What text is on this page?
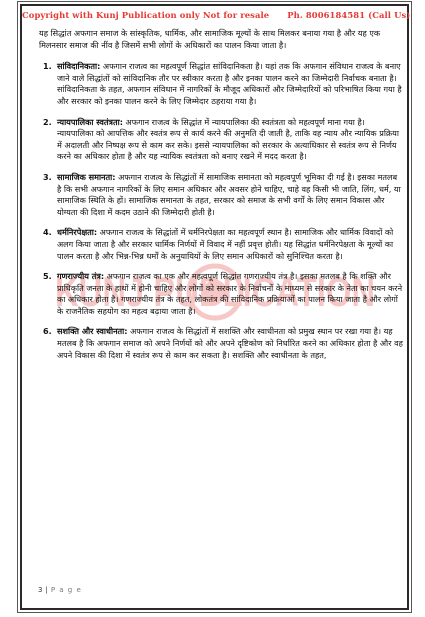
Copyright with Kunj Publication only Not for resale Ph. 8006184581 (Call Us)
KUNJ PUBLICATION

यह सिद्धांत अफगान समाज के सांस्कृतिक, धार्मिक, और सामाजिक मूल्यों के साथ मिलकर बनाया गया है और यह एक मिलनसार समाज की नींव है जिसमें सभी लोगों के अधिकारों का पालन किया जाता है।

1. सांविदानिकता: अफगान राजत्व का महत्वपूर्ण सिद्धांत सांविदानिकता है। यहां तक कि अफगान संविधान राजत्व के बनाए जाने वाले सिद्धांतों को सांविदानिक तौर पर स्वीकार करता है और इनका पालन करने का जिम्मेदारी निर्वाचक बनाता है। सांविदानिकता के तहत, अफगान संविधान में नागरिकों के मौजूद अधिकारों और जिम्मेदारियों को परिभाषित किया गया है और सरकार को इनका पालन करने के लिए जिम्मेदार ठहराया गया है।
2. न्यायपालिका स्वतंत्रता: अफगान राजत्व के सिद्धांत में न्यायपालिका की स्वतंत्रता को महत्वपूर्ण माना गया है। न्यायपालिका को आपत्तिक और स्वतंत्र रूप से कार्य करने की अनुमति दी जाती है, ताकि वह न्याय और न्यायिक प्रक्रिया में अदालती और निष्पक्ष रूप से काम कर सके। इससे न्यायपालिका को सरकार के अत्याधिकार से स्वतंत्र रूप से निर्णय करने का अधिकार होता है और यह न्यायिक स्वतंत्रता को बनाए रखने में मदद करता है।
3. सामाजिक समानता: अफगान राजत्व के सिद्धांतों में सामाजिक समानता को महत्वपूर्ण भूमिका दी गई है। इसका मतलब है कि सभी अफगान नागरिकों के लिए समान अधिकार और अवसर होने चाहिए, चाहे वह किसी भी जाति, लिंग, धर्म, या सामाजिक स्थिति के हों। सामाजिक समानता के तहत, सरकार को समाज के सभी वर्गों के लिए समान विकास और योग्यता की दिशा में कदम उठाने की जिम्मेदारी होती है।
4. धर्मनिरपेक्षता: अफगान राजत्व के सिद्धांतों में धर्मनिरपेक्षता का महत्वपूर्ण स्थान है। सामाजिक और धार्मिक विवादों को अलग किया जाता है और सरकार धार्मिक निर्णयों में विवाद में नहीं प्रवृत्त होती। यह सिद्धांत धर्मनिरपेक्षता के मूल्यों का पालन करता है और भिन्न-भिन्न धर्मों के अनुयायियों के लिए समान अधिकारों को सुनिश्चित करता है।
5. गणराज्यीय तंत्र: अफगान राजत्व का एक और महत्वपूर्ण सिद्धांत गणराज्यीय तंत्र है। इसका मतलब है कि शक्ति और प्राधिकृति जनता के हाथों में होनी चाहिए और लोगों को सरकार के निर्वाचनों के माध्यम से सरकार के नेता का चयन करने का अधिकार होता है। गणराज्यीय तंत्र के तहत, लोकतंत्र की सांविदानिक प्रक्रियाओं का पालन किया जाता है और लोगों के राजनैतिक सहयोग का महत्व बढ़ाया जाता है।
6. सशक्ति और स्वाधीनता: अफगान राजत्व के सिद्धांतों में सशक्ति और स्वाधीनता को प्रमुख स्थान पर रखा गया है। यह मतलब है कि अफगान समाज को अपने निर्णयों को और अपने दृष्टिकोण को निर्धारित करने का अधिकार होता है और वह अपने विकास की दिशा में स्वतंत्र रूप से काम कर सकता है। सशक्ति और स्वाधीनता के तहत,
3 | P a g e
